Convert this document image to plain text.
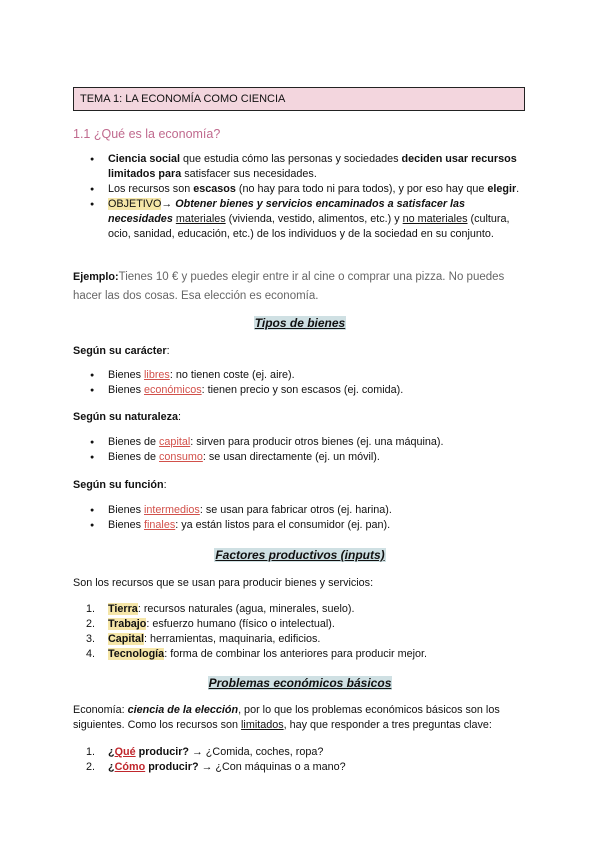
TEMA 1: LA ECONOMÍA COMO CIENCIA
1.1 ¿Qué es la economía?
● Ciencia social que estudia cómo las personas y sociedades deciden usar recursos limitados para satisfacer sus necesidades.
● Los recursos son escasos (no hay para todo ni para todos), y por eso hay que elegir.
● OBJETIVO→ Obtener bienes y servicios encaminados a satisfacer las necesidades materiales (vivienda, vestido, alimentos, etc.) y no materiales (cultura, ocio, sanidad, educación, etc.) de los individuos y de la sociedad en su conjunto.
Ejemplo:Tienes 10 € y puedes elegir entre ir al cine o comprar una pizza. No puedes hacer las dos cosas. Esa elección es economía.
Tipos de bienes
Según su carácter:
● Bienes libres: no tienen coste (ej. aire).
● Bienes económicos: tienen precio y son escasos (ej. comida).
Según su naturaleza:
● Bienes de capital: sirven para producir otros bienes (ej. una máquina).
● Bienes de consumo: se usan directamente (ej. un móvil).
Según su función:
● Bienes intermedios: se usan para fabricar otros (ej. harina).
● Bienes finales: ya están listos para el consumidor (ej. pan).
Factores productivos (inputs)
Son los recursos que se usan para producir bienes y servicios:
1. Tierra: recursos naturales (agua, minerales, suelo).
2. Trabajo: esfuerzo humano (físico o intelectual).
3. Capital: herramientas, maquinaria, edificios.
4. Tecnología: forma de combinar los anteriores para producir mejor.
Problemas económicos básicos
Economía: ciencia de la elección, por lo que los problemas económicos básicos son los siguientes. Como los recursos son limitados, hay que responder a tres preguntas clave:
1. ¿Qué producir? → ¿Comida, coches, ropa?
2. ¿Cómo producir? → ¿Con máquinas o a mano?
